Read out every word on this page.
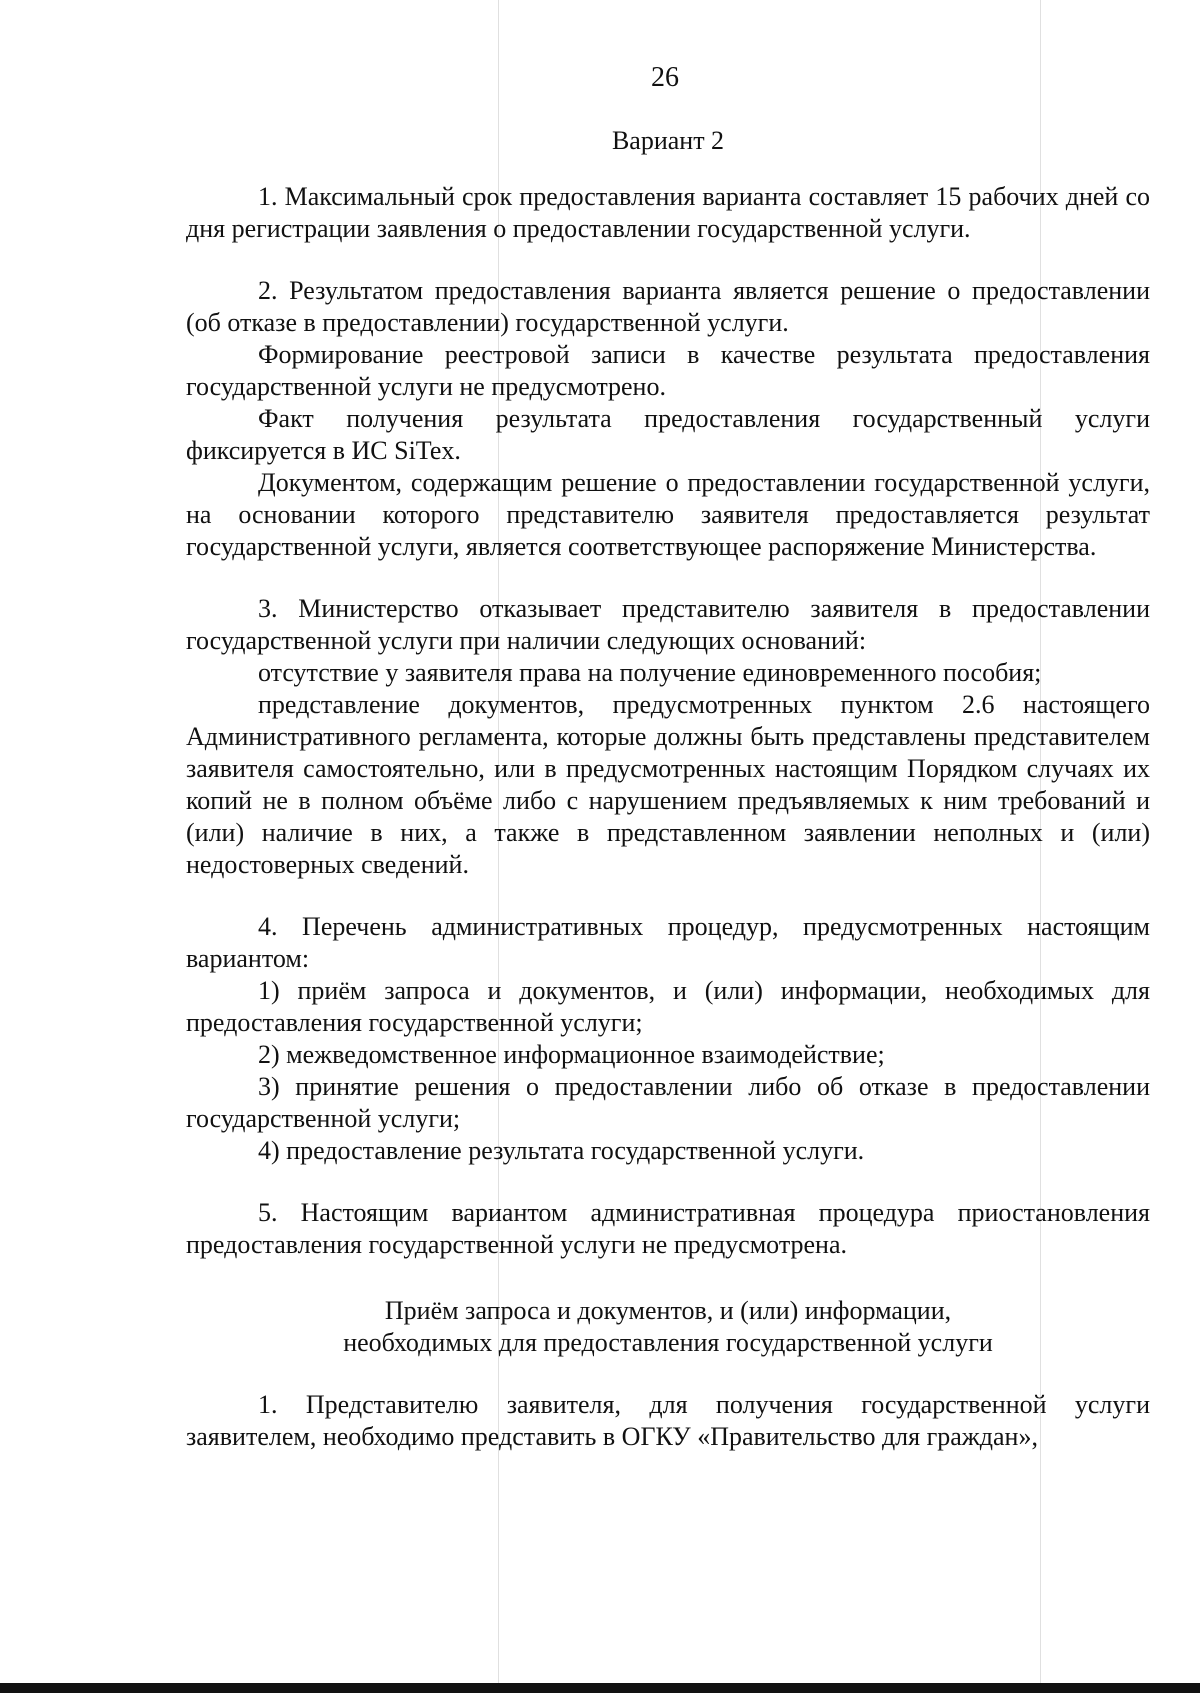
26
Вариант 2

1. Максимальный срок предоставления варианта составляет 15 рабочих дней со дня регистрации заявления о предоставлении государственной услуги.

2. Результатом предоставления варианта является решение о предоставлении (об отказе в предоставлении) государственной услуги.

Формирование реестровой записи в качестве результата предоставления государственной услуги не предусмотрено.

Факт получения результата предоставления государственный услуги фиксируется в ИС SiTex.

Документом, содержащим решение о предоставлении государственной услуги, на основании которого представителю заявителя предоставляется результат государственной услуги, является соответствующее распоряжение Министерства.

3. Министерство отказывает представителю заявителя в предоставлении государственной услуги при наличии следующих оснований:

отсутствие у заявителя права на получение единовременного пособия;

представление документов, предусмотренных пунктом 2.6 настоящего Административного регламента, которые должны быть представлены представителем заявителя самостоятельно, или в предусмотренных настоящим Порядком случаях их копий не в полном объёме либо с нарушением предъявляемых к ним требований и (или) наличие в них, а также в представленном заявлении неполных и (или) недостоверных сведений.

4. Перечень административных процедур, предусмотренных настоящим вариантом:

1) приём запроса и документов, и (или) информации, необходимых для предоставления государственной услуги;

2) межведомственное информационное взаимодействие;

3) принятие решения о предоставлении либо об отказе в предоставлении государственной услуги;

4) предоставление результата государственной услуги.

5. Настоящим вариантом административная процедура приостановления предоставления государственной услуги не предусмотрена.

Приём запроса и документов, и (или) информации,
необходимых для предоставления государственной услуги

1. Представителю заявителя, для получения государственной услуги заявителем, необходимо представить в ОГКУ «Правительство для граждан»,
